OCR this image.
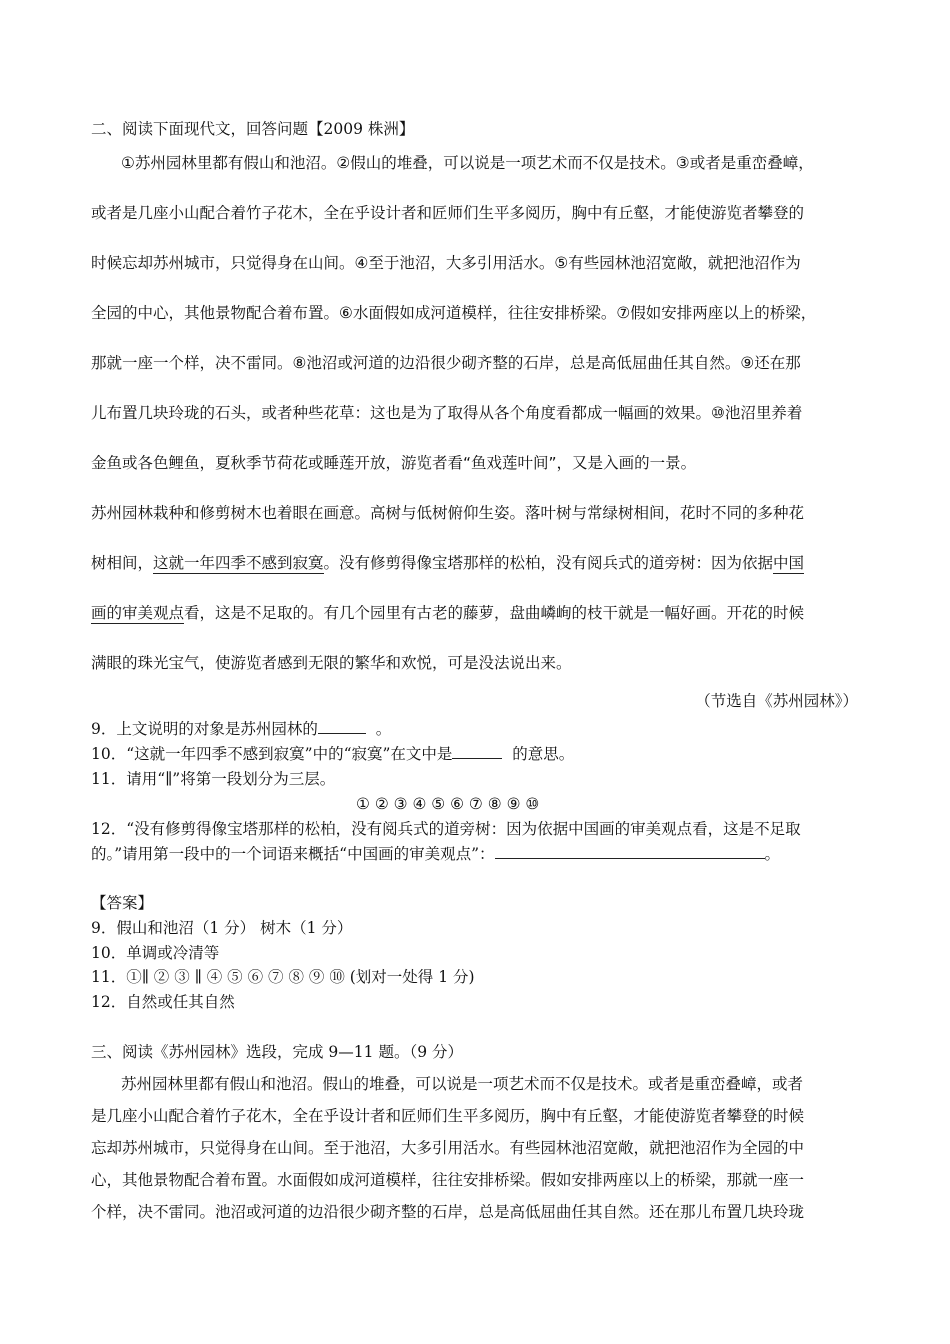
二、阅读下面现代文，回答问题【2009 株洲】
①苏州园林里都有假山和池沼。②假山的堆叠，可以说是一项艺术而不仅是技术。③或者是重峦叠嶂，
或者是几座小山配合着竹子花木，全在乎设计者和匠师们生平多阅历，胸中有丘壑，才能使游览者攀登的
时候忘却苏州城市，只觉得身在山间。④至于池沼，大多引用活水。⑤有些园林池沼宽敞，就把池沼作为
全园的中心，其他景物配合着布置。⑥水面假如成河道模样，往往安排桥梁。⑦假如安排两座以上的桥梁，
那就一座一个样，决不雷同。⑧池沼或河道的边沿很少砌齐整的石岸，总是高低屈曲任其自然。⑨还在那
儿布置几块玲珑的石头，或者种些花草：这也是为了取得从各个角度看都成一幅画的效果。⑩池沼里养着
金鱼或各色鲤鱼，夏秋季节荷花或睡莲开放，游览者看“鱼戏莲叶间”，又是入画的一景。
苏州园林栽种和修剪树木也着眼在画意。高树与低树俯仰生姿。落叶树与常绿树相间，花时不同的多种花
树相间，这就一年四季不感到寂寞。没有修剪得像宝塔那样的松柏，没有阅兵式的道旁树：因为依据中国
画的审美观点看，这是不足取的。有几个园里有古老的藤萝，盘曲嶙峋的枝干就是一幅好画。开花的时候
满眼的珠光宝气，使游览者感到无限的繁华和欢悦，可是没法说出来。
（节选自《苏州园林》）
9．上文说明的对象是苏州园林的	。
10．“这就一年四季不感到寂寞”中的“寂寞”在文中是	的意思。
11．请用“∥”将第一段划分为三层。
① ② ③ ④ ⑤ ⑥ ⑦ ⑧ ⑨ ⑩
12．“没有修剪得像宝塔那样的松柏，没有阅兵式的道旁树：因为依据中国画的审美观点看，这是不足取
的。”请用第一段中的一个词语来概括“中国画的审美观点”：	。
【答案】
9．假山和池沼（1 分） 树木（1 分）
10．单调或冷清等
11．①∥ ② ③ ∥ ④ ⑤ ⑥ ⑦ ⑧ ⑨ ⑩ (划对一处得 1 分)
12．自然或任其自然
三、阅读《苏州园林》选段，完成 9—11 题。（9 分）
苏州园林里都有假山和池沼。假山的堆叠，可以说是一项艺术而不仅是技术。或者是重峦叠嶂，或者
是几座小山配合着竹子花木，全在乎设计者和匠师们生平多阅历，胸中有丘壑，才能使游览者攀登的时候
忘却苏州城市，只觉得身在山间。至于池沼，大多引用活水。有些园林池沼宽敞，就把池沼作为全园的中
心，其他景物配合着布置。水面假如成河道模样，往往安排桥梁。假如安排两座以上的桥梁，那就一座一
个样，决不雷同。池沼或河道的边沿很少砌齐整的石岸，总是高低屈曲任其自然。还在那儿布置几块玲珑
